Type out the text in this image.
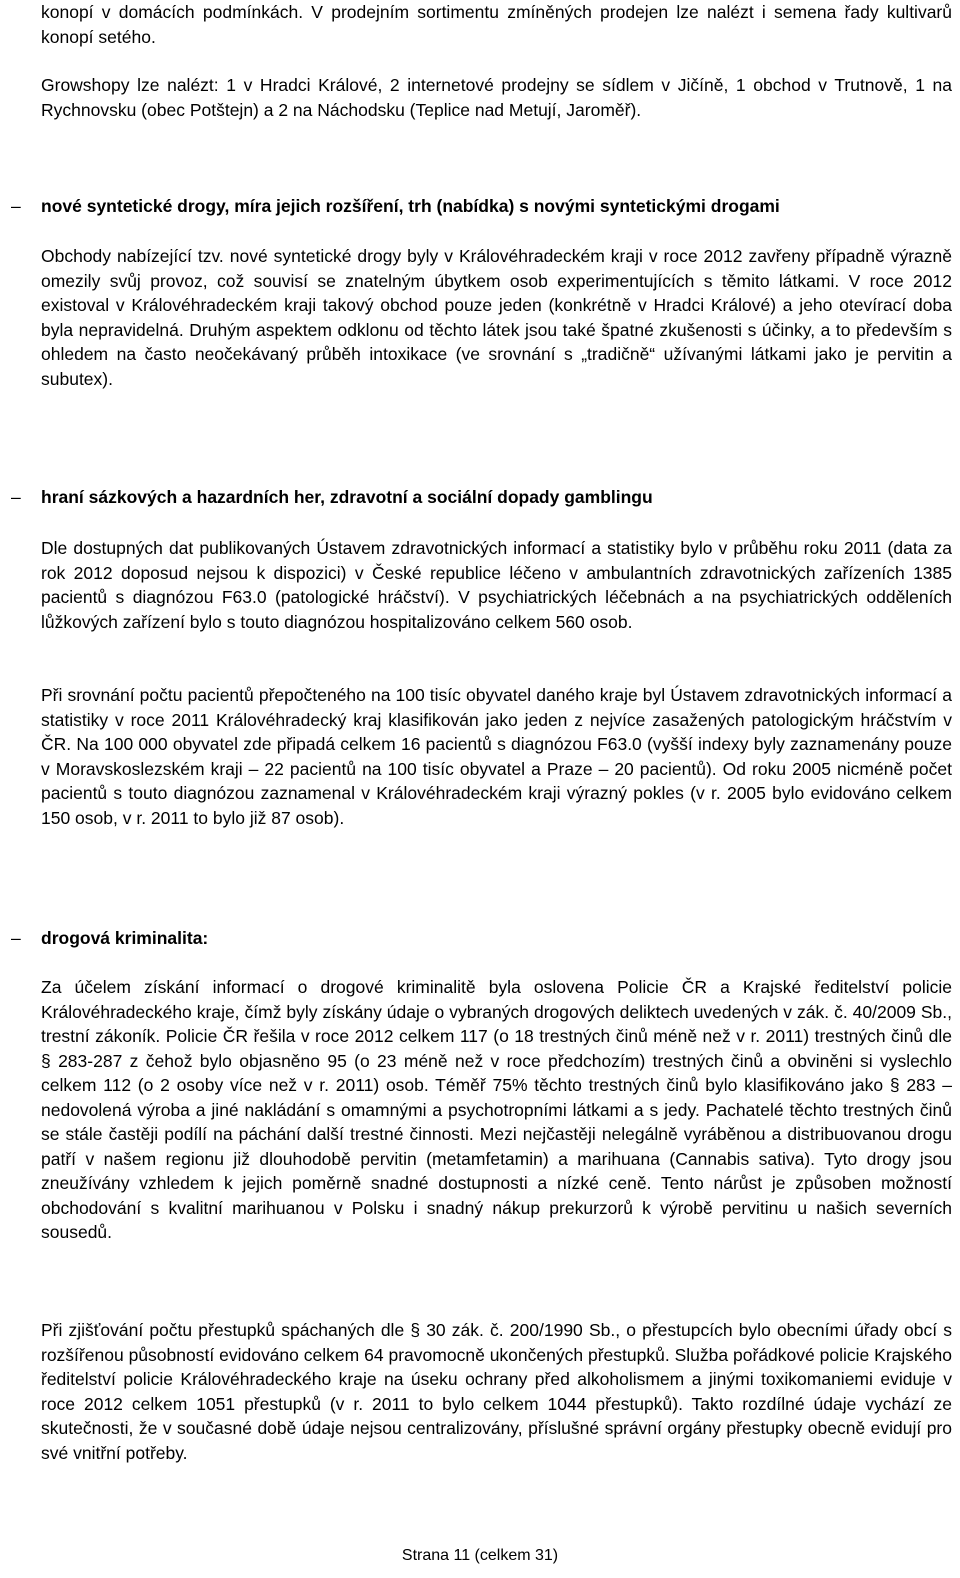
konopí v domácích podmínkách. V prodejním sortimentu zmíněných prodejen lze nalézt i semena řady kultivarů konopí setého.

Growshopy lze nalézt: 1 v Hradci Králové, 2 internetové prodejny se sídlem v Jičíně, 1 obchod v Trutnově, 1 na Rychnovsku (obec Potštejn) a 2 na Náchodsku (Teplice nad Metují, Jaroměř).

–	nové syntetické drogy, míra jejich rozšíření, trh (nabídka) s novými syntetickými drogami

Obchody nabízející tzv. nové syntetické drogy byly v Královéhradeckém kraji v roce 2012 zavřeny případně výrazně omezily svůj provoz, což souvisí se znatelným úbytkem osob experimentujících s těmito látkami. V roce 2012 existoval v Královéhradeckém kraji takový obchod pouze jeden (konkrétně v Hradci Králové) a jeho otevírací doba byla nepravidelná. Druhým aspektem odklonu od těchto látek jsou také špatné zkušenosti s účinky, a to především s ohledem na často neočekávaný průběh intoxikace (ve srovnání s „tradičně“ užívanými látkami jako je pervitin a subutex).

–	hraní sázkových a hazardních her, zdravotní a sociální dopady gamblingu

Dle dostupných dat publikovaných Ústavem zdravotnických informací a statistiky bylo v průběhu roku 2011 (data za rok 2012 doposud nejsou k dispozici) v České republice léčeno v ambulantních zdravotnických zařízeních 1385 pacientů s diagnózou F63.0 (patologické hráčství). V psychiatrických léčebnách a na psychiatrických odděleních lůžkových zařízení bylo s touto diagnózou hospitalizováno celkem 560 osob.

Při srovnání počtu pacientů přepočteného na 100 tisíc obyvatel daného kraje byl Ústavem zdravotnických informací a statistiky v roce 2011 Královéhradecký kraj klasifikován jako jeden z nejvíce zasažených patologickým hráčstvím v ČR. Na 100 000 obyvatel zde připadá celkem 16 pacientů s diagnózou F63.0 (vyšší indexy byly zaznamenány pouze v Moravskoslezském kraji – 22 pacientů na 100 tisíc obyvatel a Praze – 20 pacientů). Od roku 2005 nicméně počet pacientů s touto diagnózou zaznamenal v Královéhradeckém kraji výrazný pokles (v r. 2005 bylo evidováno celkem 150 osob, v r. 2011 to bylo již 87 osob).

–	drogová kriminalita:

Za účelem získání informací o drogové kriminalitě byla oslovena Policie ČR a Krajské ředitelství policie Královéhradeckého kraje, čímž byly získány údaje o vybraných drogových deliktech uvedených v zák. č. 40/2009 Sb., trestní zákoník. Policie ČR řešila v roce 2012 celkem 117 (o 18 trestných činů méně než v r. 2011) trestných činů dle § 283-287 z čehož bylo objasněno 95 (o 23 méně než v roce předchozím) trestných činů a obviněni si vyslechlo celkem 112 (o 2 osoby více než v r. 2011) osob. Téměř 75% těchto trestných činů bylo klasifikováno jako § 283 – nedovolená výroba a jiné nakládání s omamnými a psychotropními látkami a s jedy. Pachatelé těchto trestných činů se stále častěji podílí na páchání další trestné činnosti. Mezi nejčastěji nelegálně vyráběnou a distribuovanou drogu patří v našem regionu již dlouhodobě pervitin (metamfetamin) a marihuana (Cannabis sativa). Tyto drogy jsou zneužívány vzhledem k jejich poměrně snadné dostupnosti a nízké ceně. Tento nárůst je způsoben možností obchodování s kvalitní marihuanou v Polsku i snadný nákup prekurzorů k výrobě pervitinu u našich severních sousedů.

Při zjišťování počtu přestupků spáchaných dle § 30 zák. č. 200/1990 Sb., o přestupcích bylo obecními úřady obcí s rozšířenou působností evidováno celkem 64 pravomocně ukončených přestupků. Služba pořádkové policie Krajského ředitelství policie Královéhradeckého kraje na úseku ochrany před alkoholismem a jinými toxikomaniemi eviduje v roce 2012 celkem 1051 přestupků (v r. 2011 to bylo celkem 1044 přestupků). Takto rozdílné údaje vychází ze skutečnosti, že v současné době údaje nejsou centralizovány, příslušné správní orgány přestupky obecně evidují pro své vnitřní potřeby.

Strana 11 (celkem 31)
